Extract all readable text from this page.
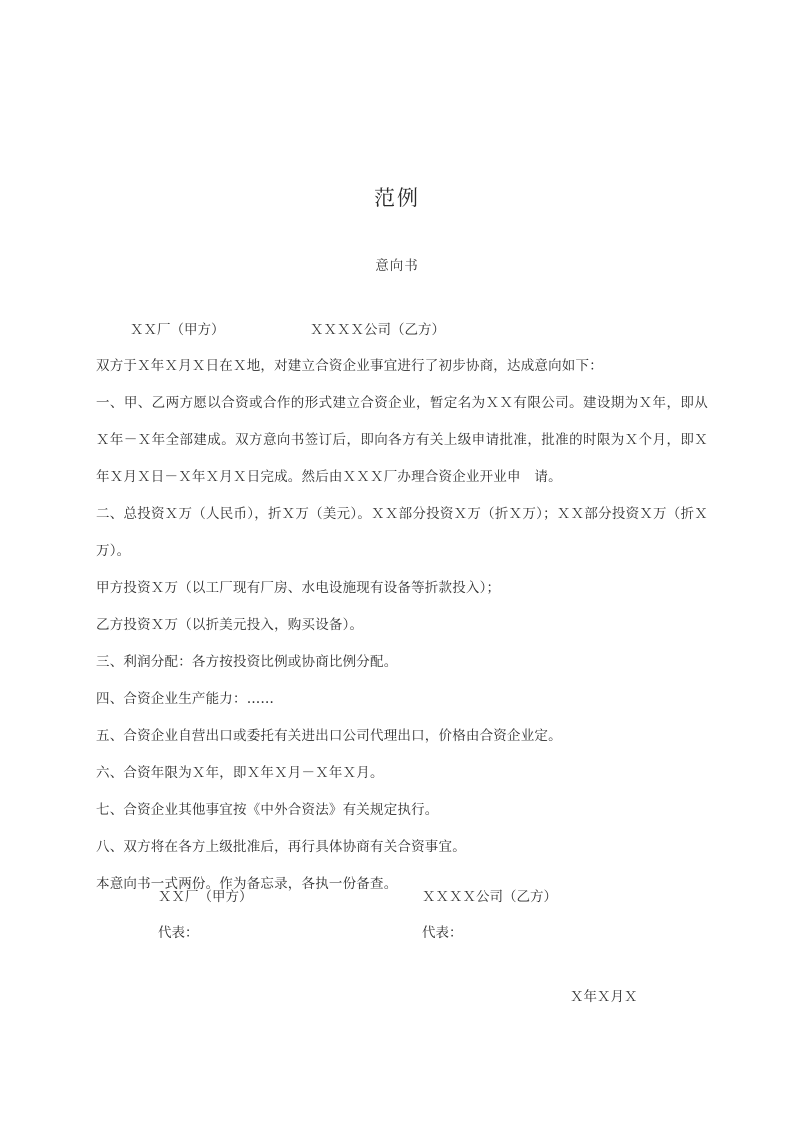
范例
意向书
ＸＸ厂（甲方）	ＸＸＸＸ公司（乙方）

双方于Ｘ年Ｘ月Ｘ日在Ｘ地，对建立合资企业事宜进行了初步协商，达成意向如下：

一、甲、乙两方愿以合资或合作的形式建立合资企业，暂定名为ＸＸ有限公司。建设期为Ｘ年，即从Ｘ年－Ｘ年全部建成。双方意向书签订后，即向各方有关上级申请批准，批准的时限为Ｘ个月，即Ｘ年Ｘ月Ｘ日－Ｘ年Ｘ月Ｘ日完成。然后由ＸＸＸ厂办理合资企业开业申　请。

二、总投资Ｘ万（人民币），折Ｘ万（美元）。ＸＸ部分投资Ｘ万（折Ｘ万）；ＸＸ部分投资Ｘ万（折Ｘ万）。

甲方投资Ｘ万（以工厂现有厂房、水电设施现有设备等折款投入）；

乙方投资Ｘ万（以折美元投入，购买设备）。

三、利润分配：各方按投资比例或协商比例分配。

四、合资企业生产能力：……

五、合资企业自营出口或委托有关进出口公司代理出口，价格由合资企业定。

六、合资年限为Ｘ年，即Ｘ年Ｘ月－Ｘ年Ｘ月。

七、合资企业其他事宜按《中外合资法》有关规定执行。

八、双方将在各方上级批准后，再行具体协商有关合资事宜。

本意向书一式两份。作为备忘录，各执一份备查。

ＸＸ厂（甲方）	ＸＸＸＸ公司（乙方）
代表：	代表：
Ｘ年Ｘ月Ｘ
